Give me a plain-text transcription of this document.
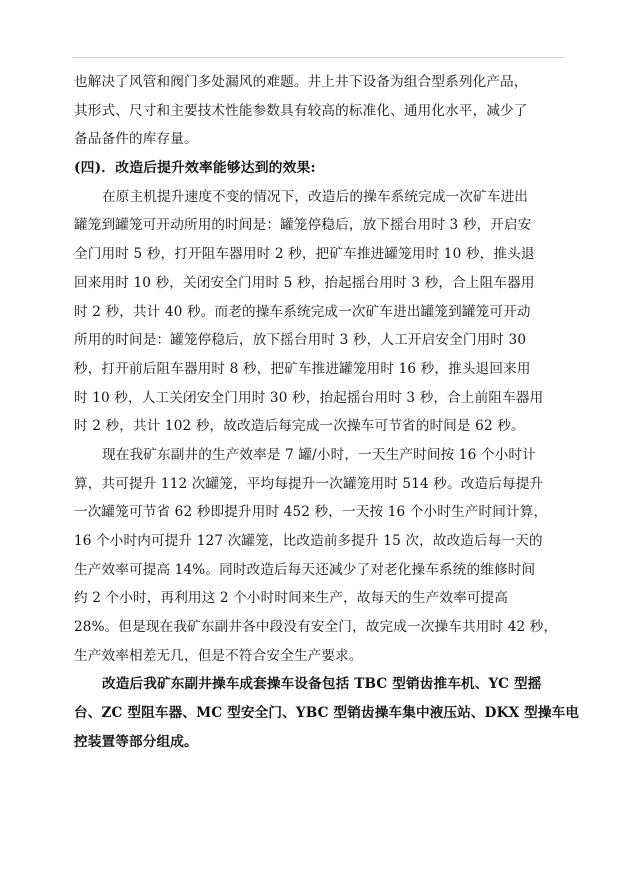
也解决了风管和阀门多处漏风的难题。井上井下设备为组合型系列化产品，
其形式、尺寸和主要技术性能参数具有较高的标准化、通用化水平，减少了
备品备件的库存量。
(四)．改造后提升效率能够达到的效果:
在原主机提升速度不变的情况下，改造后的操车系统完成一次矿车进出
罐笼到罐笼可开动所用的时间是：罐笼停稳后，放下摇台用时 3 秒，开启安
全门用时 5 秒，打开阻车器用时 2 秒，把矿车推进罐笼用时 10 秒，推头退
回来用时 10 秒，关闭安全门用时 5 秒，抬起摇台用时 3 秒，合上阻车器用
时 2 秒，共计 40 秒。而老的操车系统完成一次矿车进出罐笼到罐笼可开动
所用的时间是：罐笼停稳后，放下摇台用时 3 秒，人工开启安全门用时 30
秒，打开前后阻车器用时 8 秒，把矿车推进罐笼用时 16 秒，推头退回来用
时 10 秒，人工关闭安全门用时 30 秒，抬起摇台用时 3 秒，合上前阻车器用
时 2 秒，共计 102 秒，故改造后每完成一次操车可节省的时间是 62 秒。
现在我矿东副井的生产效率是 7 罐/小时，一天生产时间按 16 个小时计
算，共可提升 112 次罐笼，平均每提升一次罐笼用时 514 秒。改造后每提升
一次罐笼可节省 62 秒即提升用时 452 秒，一天按 16 个小时生产时间计算，
16 个小时内可提升 127 次罐笼，比改造前多提升 15 次，故改造后每一天的
生产效率可提高 14%。同时改造后每天还减少了对老化操车系统的维修时间
约 2 个小时，再利用这 2 个小时时间来生产，故每天的生产效率可提高
28%。但是现在我矿东副井各中段没有安全门，故完成一次操车共用时 42 秒，
生产效率相差无几，但是不符合安全生产要求。
改造后我矿东副井操车成套操车设备包括 TBC 型销齿推车机、YC 型摇
台、ZC 型阻车器、MC 型安全门、YBC 型销齿操车集中液压站、DKX 型操车电
控装置等部分组成。
